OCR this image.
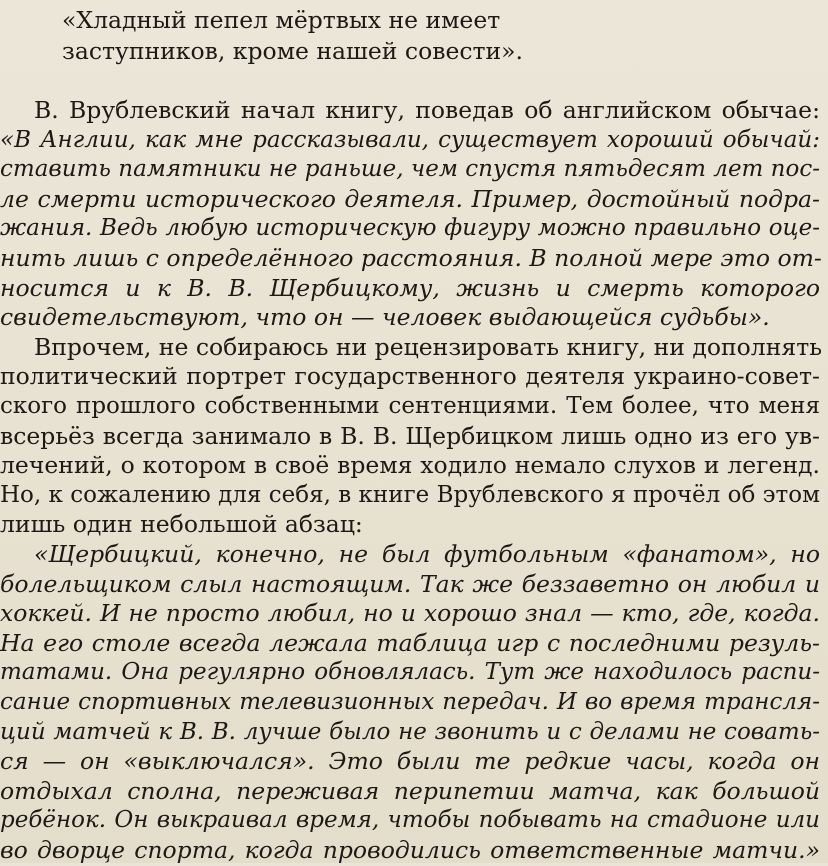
«Хладный пепел мёртвых не имеет
заступников, кроме нашей совести».
В. Врублевский начал книгу, поведав об английском обычае:
«В Англии, как мне рассказывали, существует хороший обычай:
ставить памятники не раньше, чем спустя пятьдесят лет пос-
ле смерти исторического деятеля. Пример, достойный подра-
жания. Ведь любую историческую фигуру можно правильно оце-
нить лишь с определённого расстояния. В полной мере это от-
носится и к В. В. Щербицкому, жизнь и смерть которого
свидетельствуют, что он — человек выдающейся судьбы».
Впрочем, не собираюсь ни рецензировать книгу, ни дополнять
политический портрет государственного деятеля украино-совет-
ского прошлого собственными сентенциями. Тем более, что меня
всерьёз всегда занимало в В. В. Щербицком лишь одно из его ув-
лечений, о котором в своё время ходило немало слухов и легенд.
Но, к сожалению для себя, в книге Врублевского я прочёл об этом
лишь один небольшой абзац:
«Щербицкий, конечно, не был футбольным «фанатом», но
болельщиком слыл настоящим. Так же беззаветно он любил и
хоккей. И не просто любил, но и хорошо знал — кто, где, когда.
На его столе всегда лежала таблица игр с последними резуль-
татами. Она регулярно обновлялась. Тут же находилось распи-
сание спортивных телевизионных передач. И во время трансля-
ций матчей к В. В. лучше было не звонить и с делами не совать-
ся — он «выключался». Это были те редкие часы, когда он
отдыхал сполна, переживая перипетии матча, как большой
ребёнок. Он выкраивал время, чтобы побывать на стадионе или
во дворце спорта, когда проводились ответственные матчи.»
